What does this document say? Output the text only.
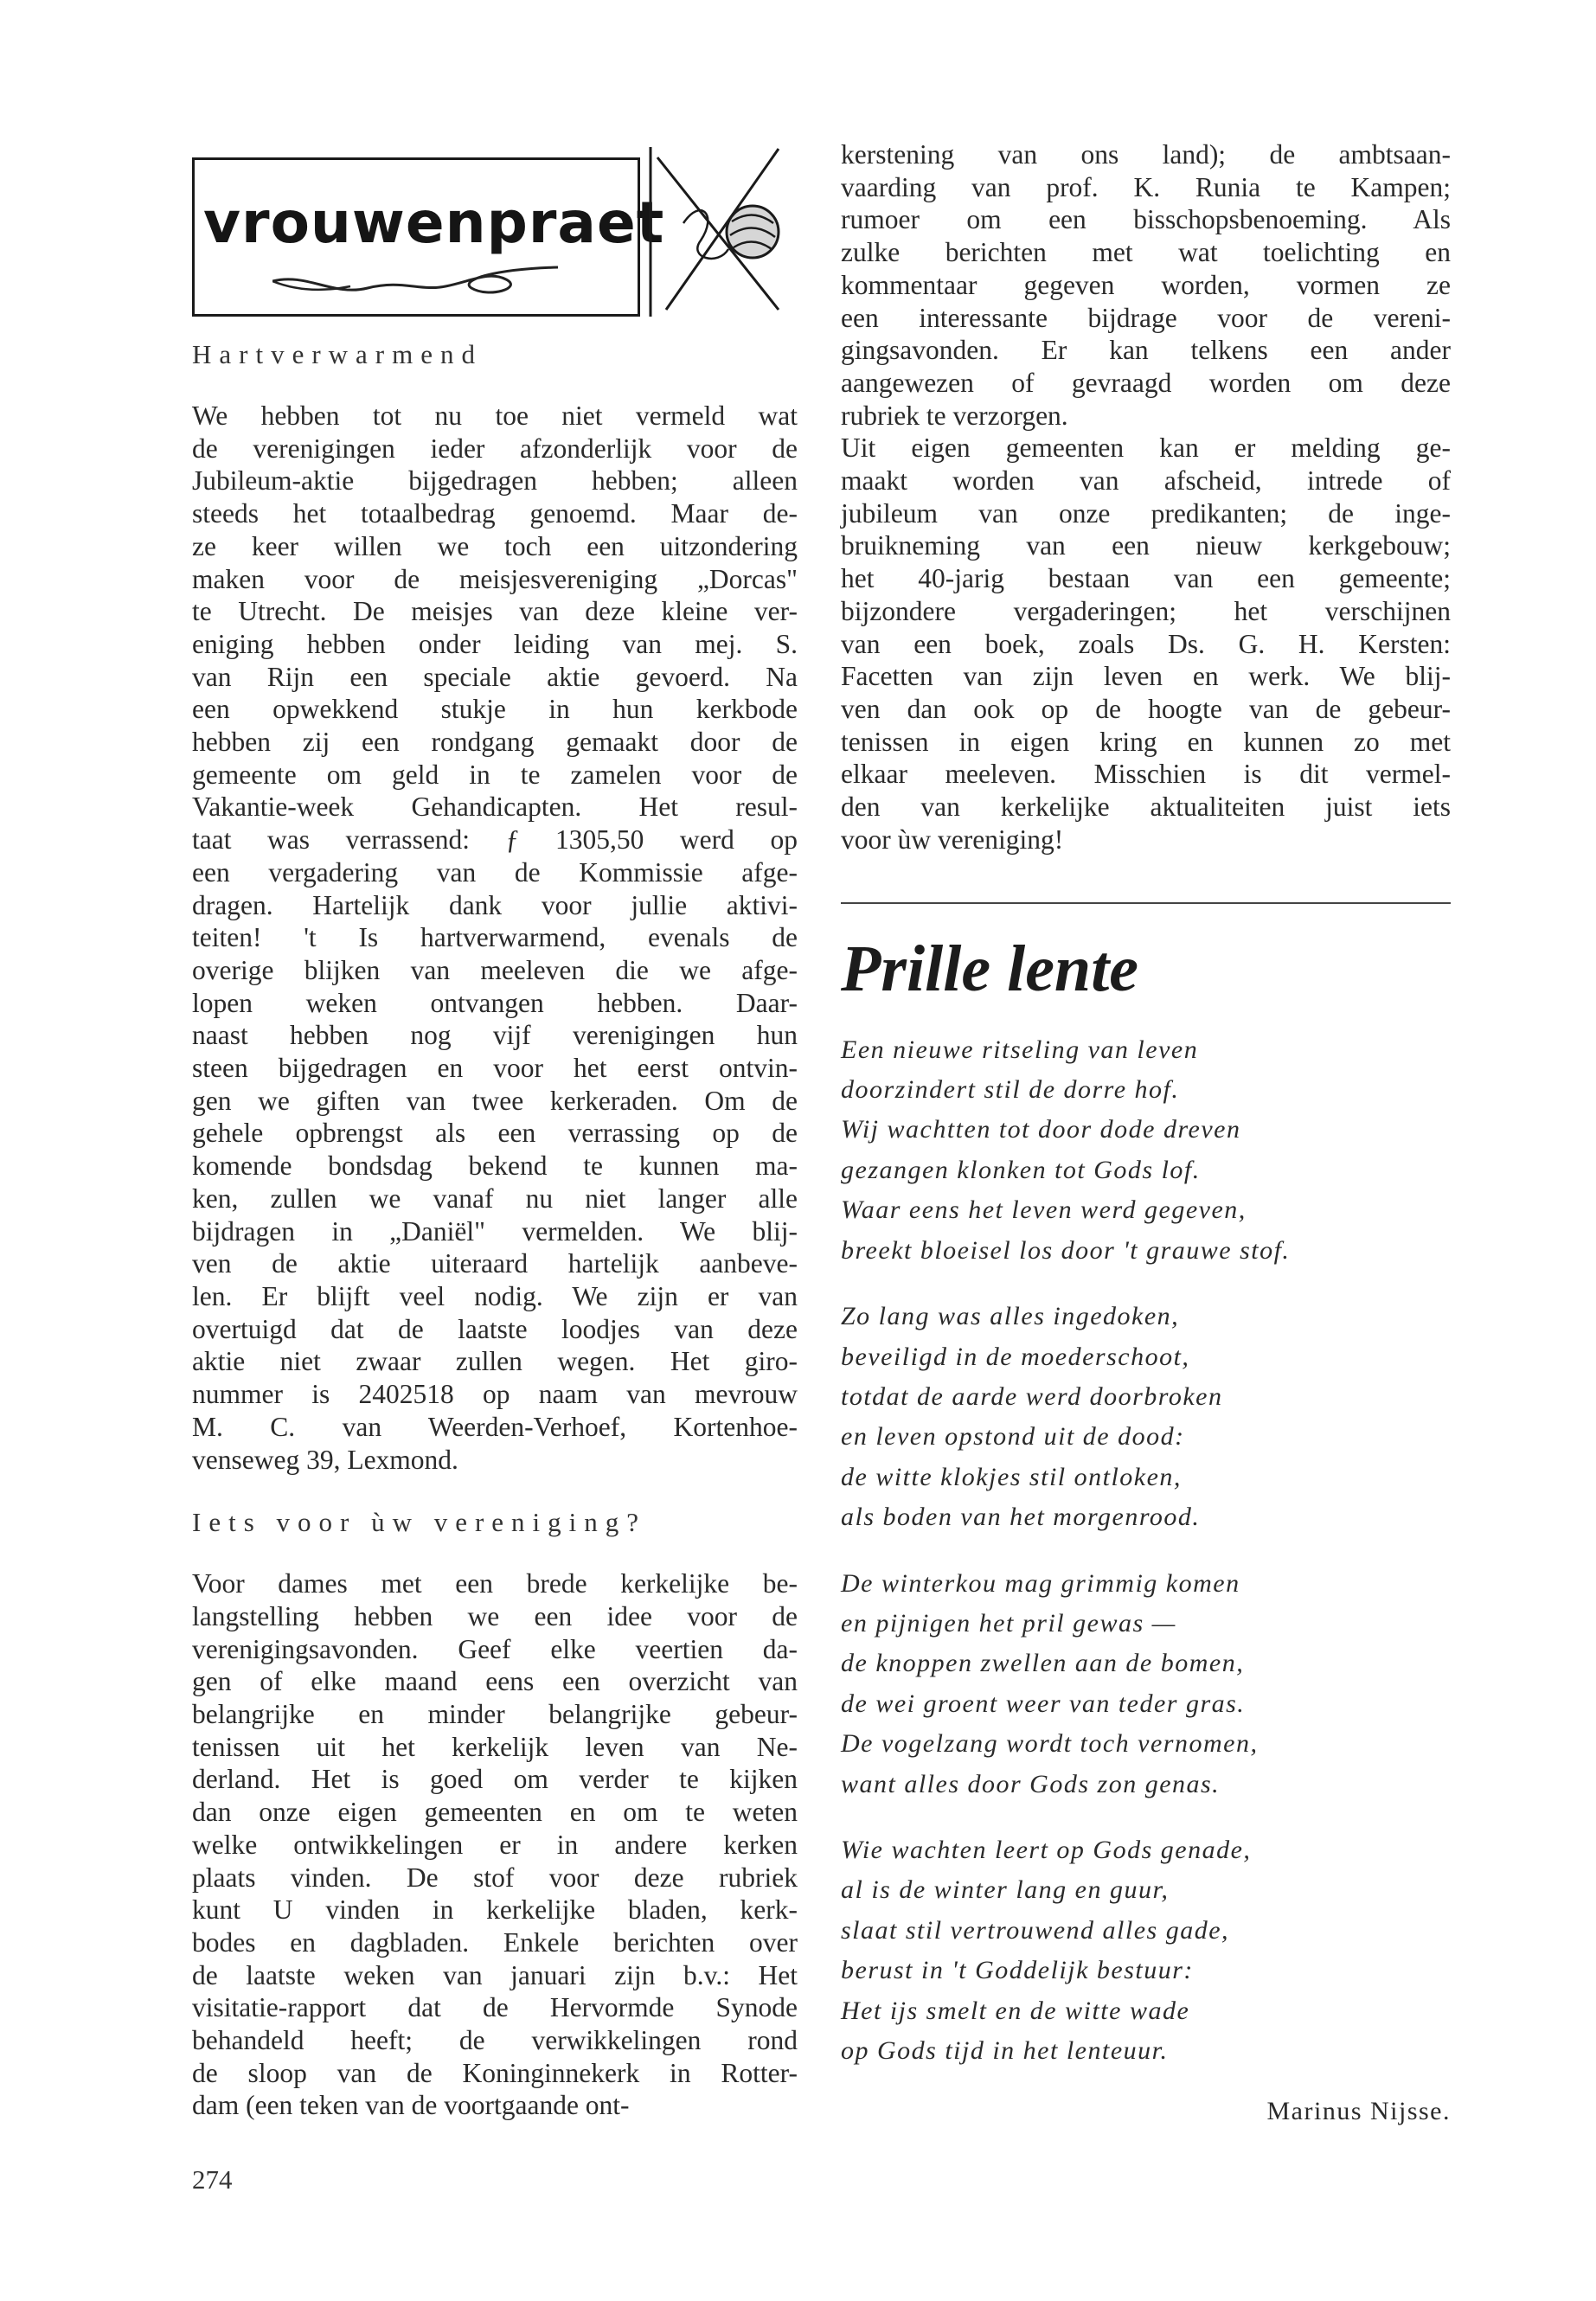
vrouwenpraet

Hartverwarmend

We hebben tot nu toe niet vermeld wat
de verenigingen ieder afzonderlijk voor de
Jubileum-aktie bijgedragen hebben; alleen
steeds het totaalbedrag genoemd. Maar de-
ze keer willen we toch een uitzondering
maken voor de meisjesvereniging „Dorcas"
te Utrecht. De meisjes van deze kleine ver-
eniging hebben onder leiding van mej. S.
van Rijn een speciale aktie gevoerd. Na
een opwekkend stukje in hun kerkbode
hebben zij een rondgang gemaakt door de
gemeente om geld in te zamelen voor de
Vakantie-week Gehandicapten. Het resul-
taat was verrassend: ƒ 1305,50 werd op
een vergadering van de Kommissie afge-
dragen. Hartelijk dank voor jullie aktivi-
teiten! 't Is hartverwarmend, evenals de
overige blijken van meeleven die we afge-
lopen weken ontvangen hebben. Daar-
naast hebben nog vijf verenigingen hun
steen bijgedragen en voor het eerst ontvin-
gen we giften van twee kerkeraden. Om de
gehele opbrengst als een verrassing op de
komende bondsdag bekend te kunnen ma-
ken, zullen we vanaf nu niet langer alle
bijdragen in „Daniël" vermelden. We blij-
ven de aktie uiteraard hartelijk aanbeve-
len. Er blijft veel nodig. We zijn er van
overtuigd dat de laatste loodjes van deze
aktie niet zwaar zullen wegen. Het giro-
nummer is 2402518 op naam van mevrouw
M. C. van Weerden-Verhoef, Kortenhoe-
venseweg 39, Lexmond.

Iets voor ùw vereniging?

Voor dames met een brede kerkelijke be-
langstelling hebben we een idee voor de
verenigingsavonden. Geef elke veertien da-
gen of elke maand eens een overzicht van
belangrijke en minder belangrijke gebeur-
tenissen uit het kerkelijk leven van Ne-
derland. Het is goed om verder te kijken
dan onze eigen gemeenten en om te weten
welke ontwikkelingen er in andere kerken
plaats vinden. De stof voor deze rubriek
kunt U vinden in kerkelijke bladen, kerk-
bodes en dagbladen. Enkele berichten over
de laatste weken van januari zijn b.v.: Het
visitatie-rapport dat de Hervormde Synode
behandeld heeft; de verwikkelingen rond
de sloop van de Koninginnekerk in Rotter-
dam (een teken van de voortgaande ont-
kerstening van ons land); de ambtsaan-
vaarding van prof. K. Runia te Kampen;
rumoer om een bisschopsbenoeming. Als
zulke berichten met wat toelichting en
kommentaar gegeven worden, vormen ze
een interessante bijdrage voor de vereni-
gingsavonden. Er kan telkens een ander
aangewezen of gevraagd worden om deze
rubriek te verzorgen.
Uit eigen gemeenten kan er melding ge-
maakt worden van afscheid, intrede of
jubileum van onze predikanten; de inge-
bruikneming van een nieuw kerkgebouw;
het 40-jarig bestaan van een gemeente;
bijzondere vergaderingen; het verschijnen
van een boek, zoals Ds. G. H. Kersten:
Facetten van zijn leven en werk. We blij-
ven dan ook op de hoogte van de gebeur-
tenissen in eigen kring en kunnen zo met
elkaar meeleven. Misschien is dit vermel-
den van kerkelijke aktualiteiten juist iets
voor ùw vereniging!
Prille lente
Een nieuwe ritseling van leven
doorzindert stil de dorre hof.
Wij wachtten tot door dode dreven
gezangen klonken tot Gods lof.
Waar eens het leven werd gegeven,
breekt bloeisel los door 't grauwe stof.
Zo lang was alles ingedoken,
beveiligd in de moederschoot,
totdat de aarde werd doorbroken
en leven opstond uit de dood:
de witte klokjes stil ontloken,
als boden van het morgenrood.
De winterkou mag grimmig komen
en pijnigen het pril gewas —
de knoppen zwellen aan de bomen,
de wei groent weer van teder gras.
De vogelzang wordt toch vernomen,
want alles door Gods zon genas.
Wie wachten leert op Gods genade,
al is de winter lang en guur,
slaat stil vertrouwend alles gade,
berust in 't Goddelijk bestuur:
Het ijs smelt en de witte wade
op Gods tijd in het lenteuur.
Marinus Nijsse.
274
